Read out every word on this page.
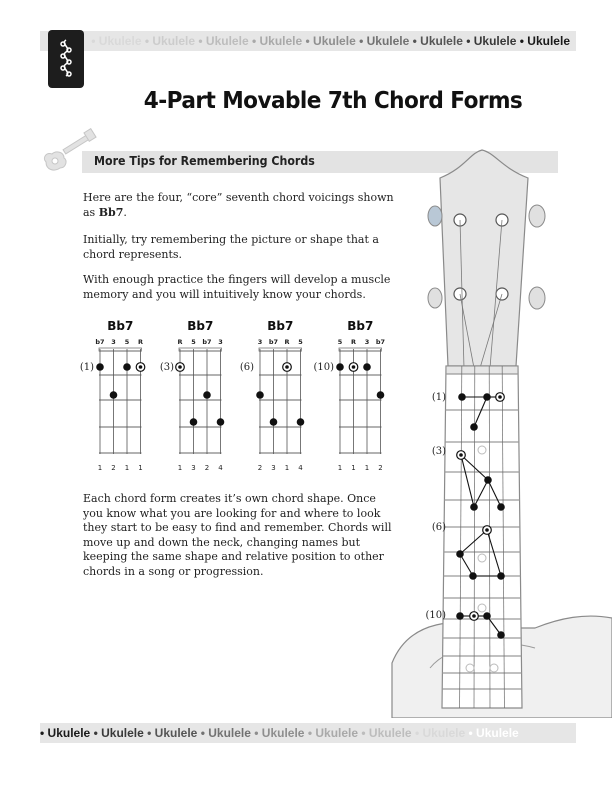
• Ukulele • Ukulele • Ukulele • Ukulele • Ukulele • Ukulele • Ukulele • Ukulele • Ukulele
4-Part Movable 7th Chord Forms
More Tips for Remembering Chords

Here are the four, “core” seventh chord voicings shown as Bb7.

Initially, try remembering the picture or shape that a chord represents.

With enough practice the fingers will develop a muscle memory and you will intuitively know your chords.

Bb7
b7 3 5 R
(1)
1 2 1 1
Bb7
R 5 b7 3
(3)
1 3 2 4
Bb7
3 b7 R 5
(6)
2 3 1 4
Bb7
5 R 3 b7
(10)
1 1 1 2

Each chord form creates it’s own chord shape. Once you know what you are looking for and where to look they start to be easy to find and remember. Chords will move up and down the neck, changing names but keeping the same shape and relative position to other chords in a song or progression.

(1)
(3)
(6)
(10)
• Ukulele • Ukulele • Ukulele • Ukulele • Ukulele • Ukulele • Ukulele • Ukulele • Ukulele
